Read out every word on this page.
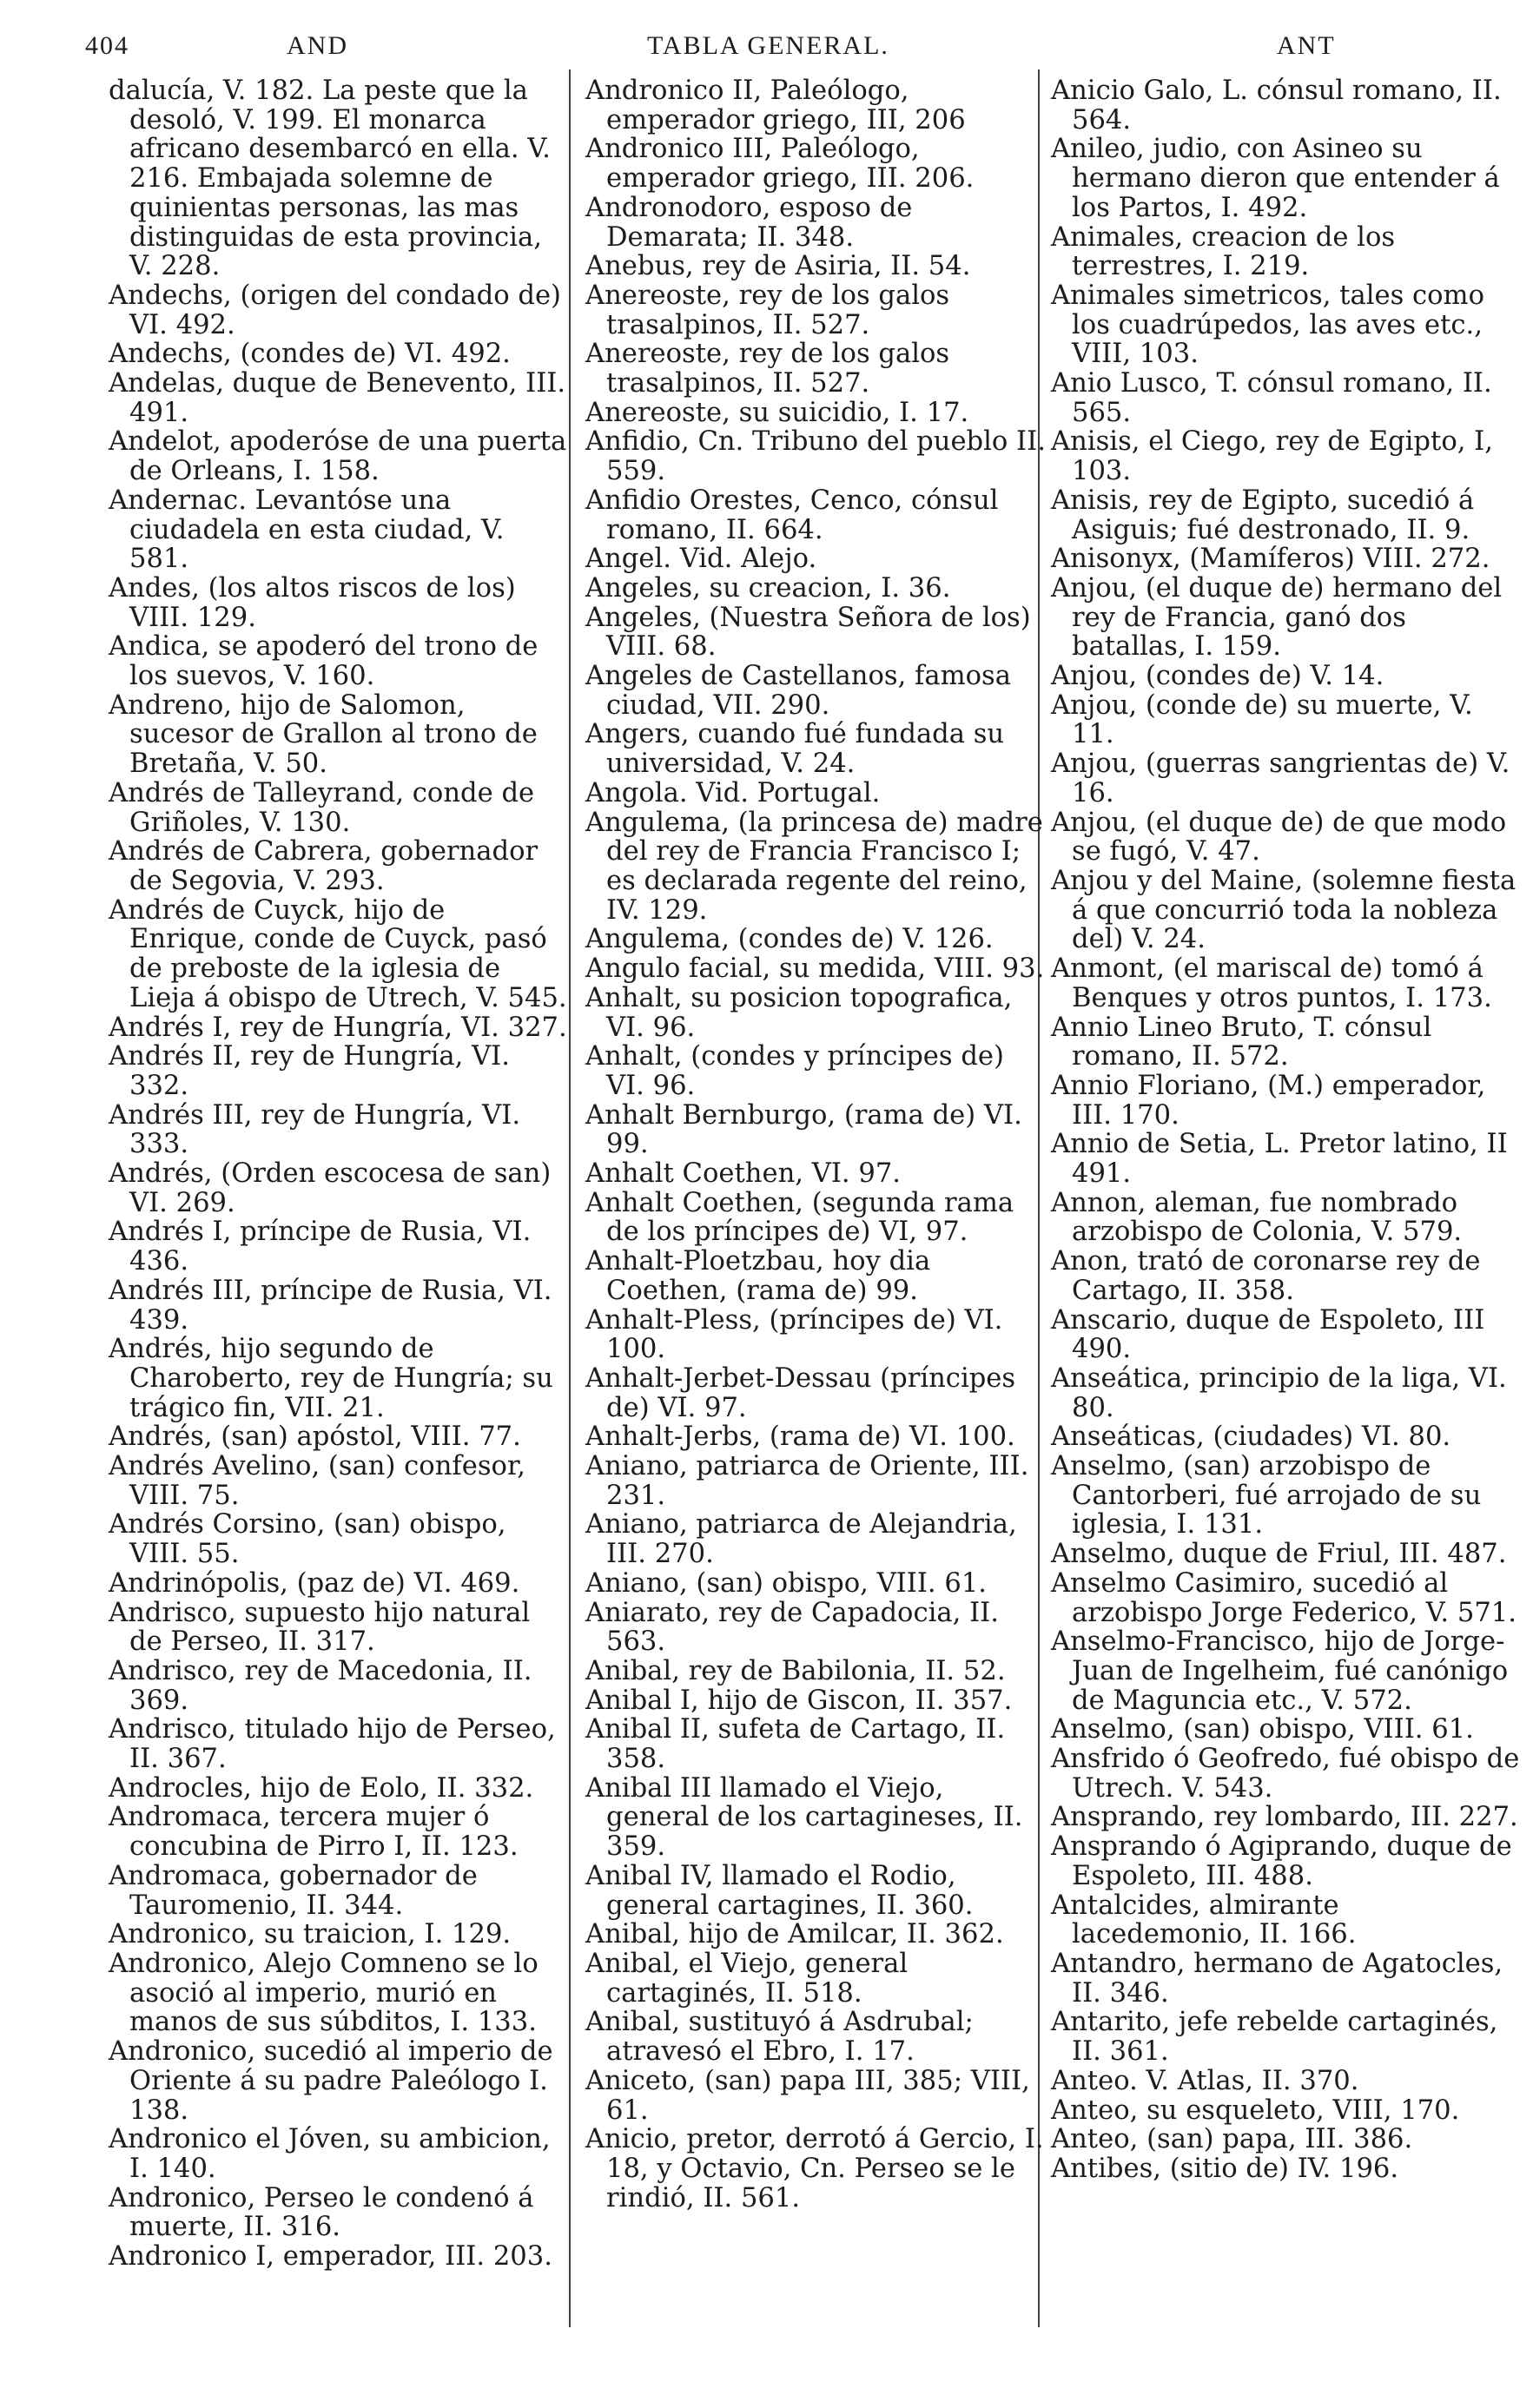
404	AND	TABLA GENERAL.	ANT

dalucía, V. 182. La peste que la desoló, V. 199. El monarca africano desembarcó en ella. V. 216. Embajada solemne de quinientas personas, las mas distinguidas de esta provincia, V. 228.

Andechs, (origen del condado de) VI. 492.

Andechs, (condes de) VI. 492.

Andelas, duque de Benevento, III. 491.

Andelot, apoderóse de una puerta de Orleans, I. 158.

Andernac. Levantóse una ciudadela en esta ciudad, V. 581.

Andes, (los altos riscos de los) VIII. 129.

Andica, se apoderó del trono de los suevos, V. 160.

Andreno, hijo de Salomon, sucesor de Grallon al trono de Bretaña, V. 50.

Andrés de Talleyrand, conde de Griñoles, V. 130.

Andrés de Cabrera, gobernador de Segovia, V. 293.

Andrés de Cuyck, hijo de Enrique, conde de Cuyck, pasó de preboste de la iglesia de Lieja á obispo de Utrech, V. 545.

Andrés I, rey de Hungría, VI. 327.

Andrés II, rey de Hungría, VI. 332.

Andrés III, rey de Hungría, VI. 333.

Andrés, (Orden escocesa de san) VI. 269.

Andrés I, príncipe de Rusia, VI. 436.

Andrés III, príncipe de Rusia, VI. 439.

Andrés, hijo segundo de Charoberto, rey de Hungría; su trágico fin, VII. 21.

Andrés, (san) apóstol, VIII. 77.

Andrés Avelino, (san) confesor, VIII. 75.

Andrés Corsino, (san) obispo, VIII. 55.

Andrinópolis, (paz de) VI. 469.

Andrisco, supuesto hijo natural de Perseo, II. 317.

Andrisco, rey de Macedonia, II. 369.

Andrisco, titulado hijo de Perseo, II. 367.

Androcles, hijo de Eolo, II. 332.

Andromaca, tercera mujer ó concubina de Pirro I, II. 123.

Andromaca, gobernador de Tauromenio, II. 344.

Andronico, su traicion, I. 129.

Andronico, Alejo Comneno se lo asoció al imperio, murió en manos de sus súbditos, I. 133.

Andronico, sucedió al imperio de Oriente á su padre Paleólogo I. 138.

Andronico el Jóven, su ambicion, I. 140.

Andronico, Perseo le condenó á muerte, II. 316.

Andronico I, emperador, III. 203.

Andronico II, Paleólogo, emperador griego, III, 206

Andronico III, Paleólogo, emperador griego, III. 206.

Andronodoro, esposo de Demarata; II. 348.

Anebus, rey de Asiria, II. 54.

Anereoste, rey de los galos trasalpinos, II. 527.

Anereoste, rey de los galos trasalpinos, II. 527.

Anereoste, su suicidio, I. 17.

Anfidio, Cn. Tribuno del pueblo II. 559.

Anfidio Orestes, Cenco, cónsul romano, II. 664.

Angel. Vid. Alejo.

Angeles, su creacion, I. 36.

Angeles, (Nuestra Señora de los) VIII. 68.

Angeles de Castellanos, famosa ciudad, VII. 290.

Angers, cuando fué fundada su universidad, V. 24.

Angola. Vid. Portugal.

Angulema, (la princesa de) madre del rey de Francia Francisco I; es declarada regente del reino, IV. 129.

Angulema, (condes de) V. 126.

Angulo facial, su medida, VIII. 93.

Anhalt, su posicion topografica, VI. 96.

Anhalt, (condes y príncipes de) VI. 96.

Anhalt Bernburgo, (rama de) VI. 99.

Anhalt Coethen, VI. 97.

Anhalt Coethen, (segunda rama de los príncipes de) VI, 97.

Anhalt-Ploetzbau, hoy dia Coethen, (rama de) 99.

Anhalt-Pless, (príncipes de) VI. 100.

Anhalt-Jerbet-Dessau (príncipes de) VI. 97.

Anhalt-Jerbs, (rama de) VI. 100.

Aniano, patriarca de Oriente, III. 231.

Aniano, patriarca de Alejandria, III. 270.

Aniano, (san) obispo, VIII. 61.

Aniarato, rey de Capadocia, II. 563.

Anibal, rey de Babilonia, II. 52.

Anibal I, hijo de Giscon, II. 357.

Anibal II, sufeta de Cartago, II. 358.

Anibal III llamado el Viejo, general de los cartagineses, II. 359.

Anibal IV, llamado el Rodio, general cartagines, II. 360.

Anibal, hijo de Amilcar, II. 362.

Anibal, el Viejo, general cartaginés, II. 518.

Anibal, sustituyó á Asdrubal; atravesó el Ebro, I. 17.

Aniceto, (san) papa III, 385; VIII, 61.

Anicio, pretor, derrotó á Gercio, I. 18, y Octavio, Cn. Perseo se le rindió, II. 561.

Anicio Galo, L. cónsul romano, II. 564.

Anileo, judio, con Asineo su hermano dieron que entender á los Partos, I. 492.

Animales, creacion de los terrestres, I. 219.

Animales simetricos, tales como los cuadrúpedos, las aves etc., VIII, 103.

Anio Lusco, T. cónsul romano, II. 565.

Anisis, el Ciego, rey de Egipto, I, 103.

Anisis, rey de Egipto, sucedió á Asiguis; fué destronado, II. 9.

Anisonyx, (Mamíferos) VIII. 272.

Anjou, (el duque de) hermano del rey de Francia, ganó dos batallas, I. 159.

Anjou, (condes de) V. 14.

Anjou, (conde de) su muerte, V. 11.

Anjou, (guerras sangrientas de) V. 16.

Anjou, (el duque de) de que modo se fugó, V. 47.

Anjou y del Maine, (solemne fiesta á que concurrió toda la nobleza del) V. 24.

Anmont, (el mariscal de) tomó á Benques y otros puntos, I. 173.

Annio Lineo Bruto, T. cónsul romano, II. 572.

Annio Floriano, (M.) emperador, III. 170.

Annio de Setia, L. Pretor latino, II 491.

Annon, aleman, fue nombrado arzobispo de Colonia, V. 579.

Anon, trató de coronarse rey de Cartago, II. 358.

Anscario, duque de Espoleto, III 490.

Anseática, principio de la liga, VI. 80.

Anseáticas, (ciudades) VI. 80.

Anselmo, (san) arzobispo de Cantorberi, fué arrojado de su iglesia, I. 131.

Anselmo, duque de Friul, III. 487.

Anselmo Casimiro, sucedió al arzobispo Jorge Federico, V. 571.

Anselmo-Francisco, hijo de Jorge-Juan de Ingelheim, fué canónigo de Maguncia etc., V. 572.

Anselmo, (san) obispo, VIII. 61.

Ansfrido ó Geofredo, fué obispo de Utrech. V. 543.

Ansprando, rey lombardo, III. 227.

Ansprando ó Agiprando, duque de Espoleto, III. 488.

Antalcides, almirante lacedemonio, II. 166.

Antandro, hermano de Agatocles, II. 346.

Antarito, jefe rebelde cartaginés, II. 361.

Anteo. V. Atlas, II. 370.

Anteo, su esqueleto, VIII, 170.

Anteo, (san) papa, III. 386.

Antibes, (sitio de) IV. 196.
